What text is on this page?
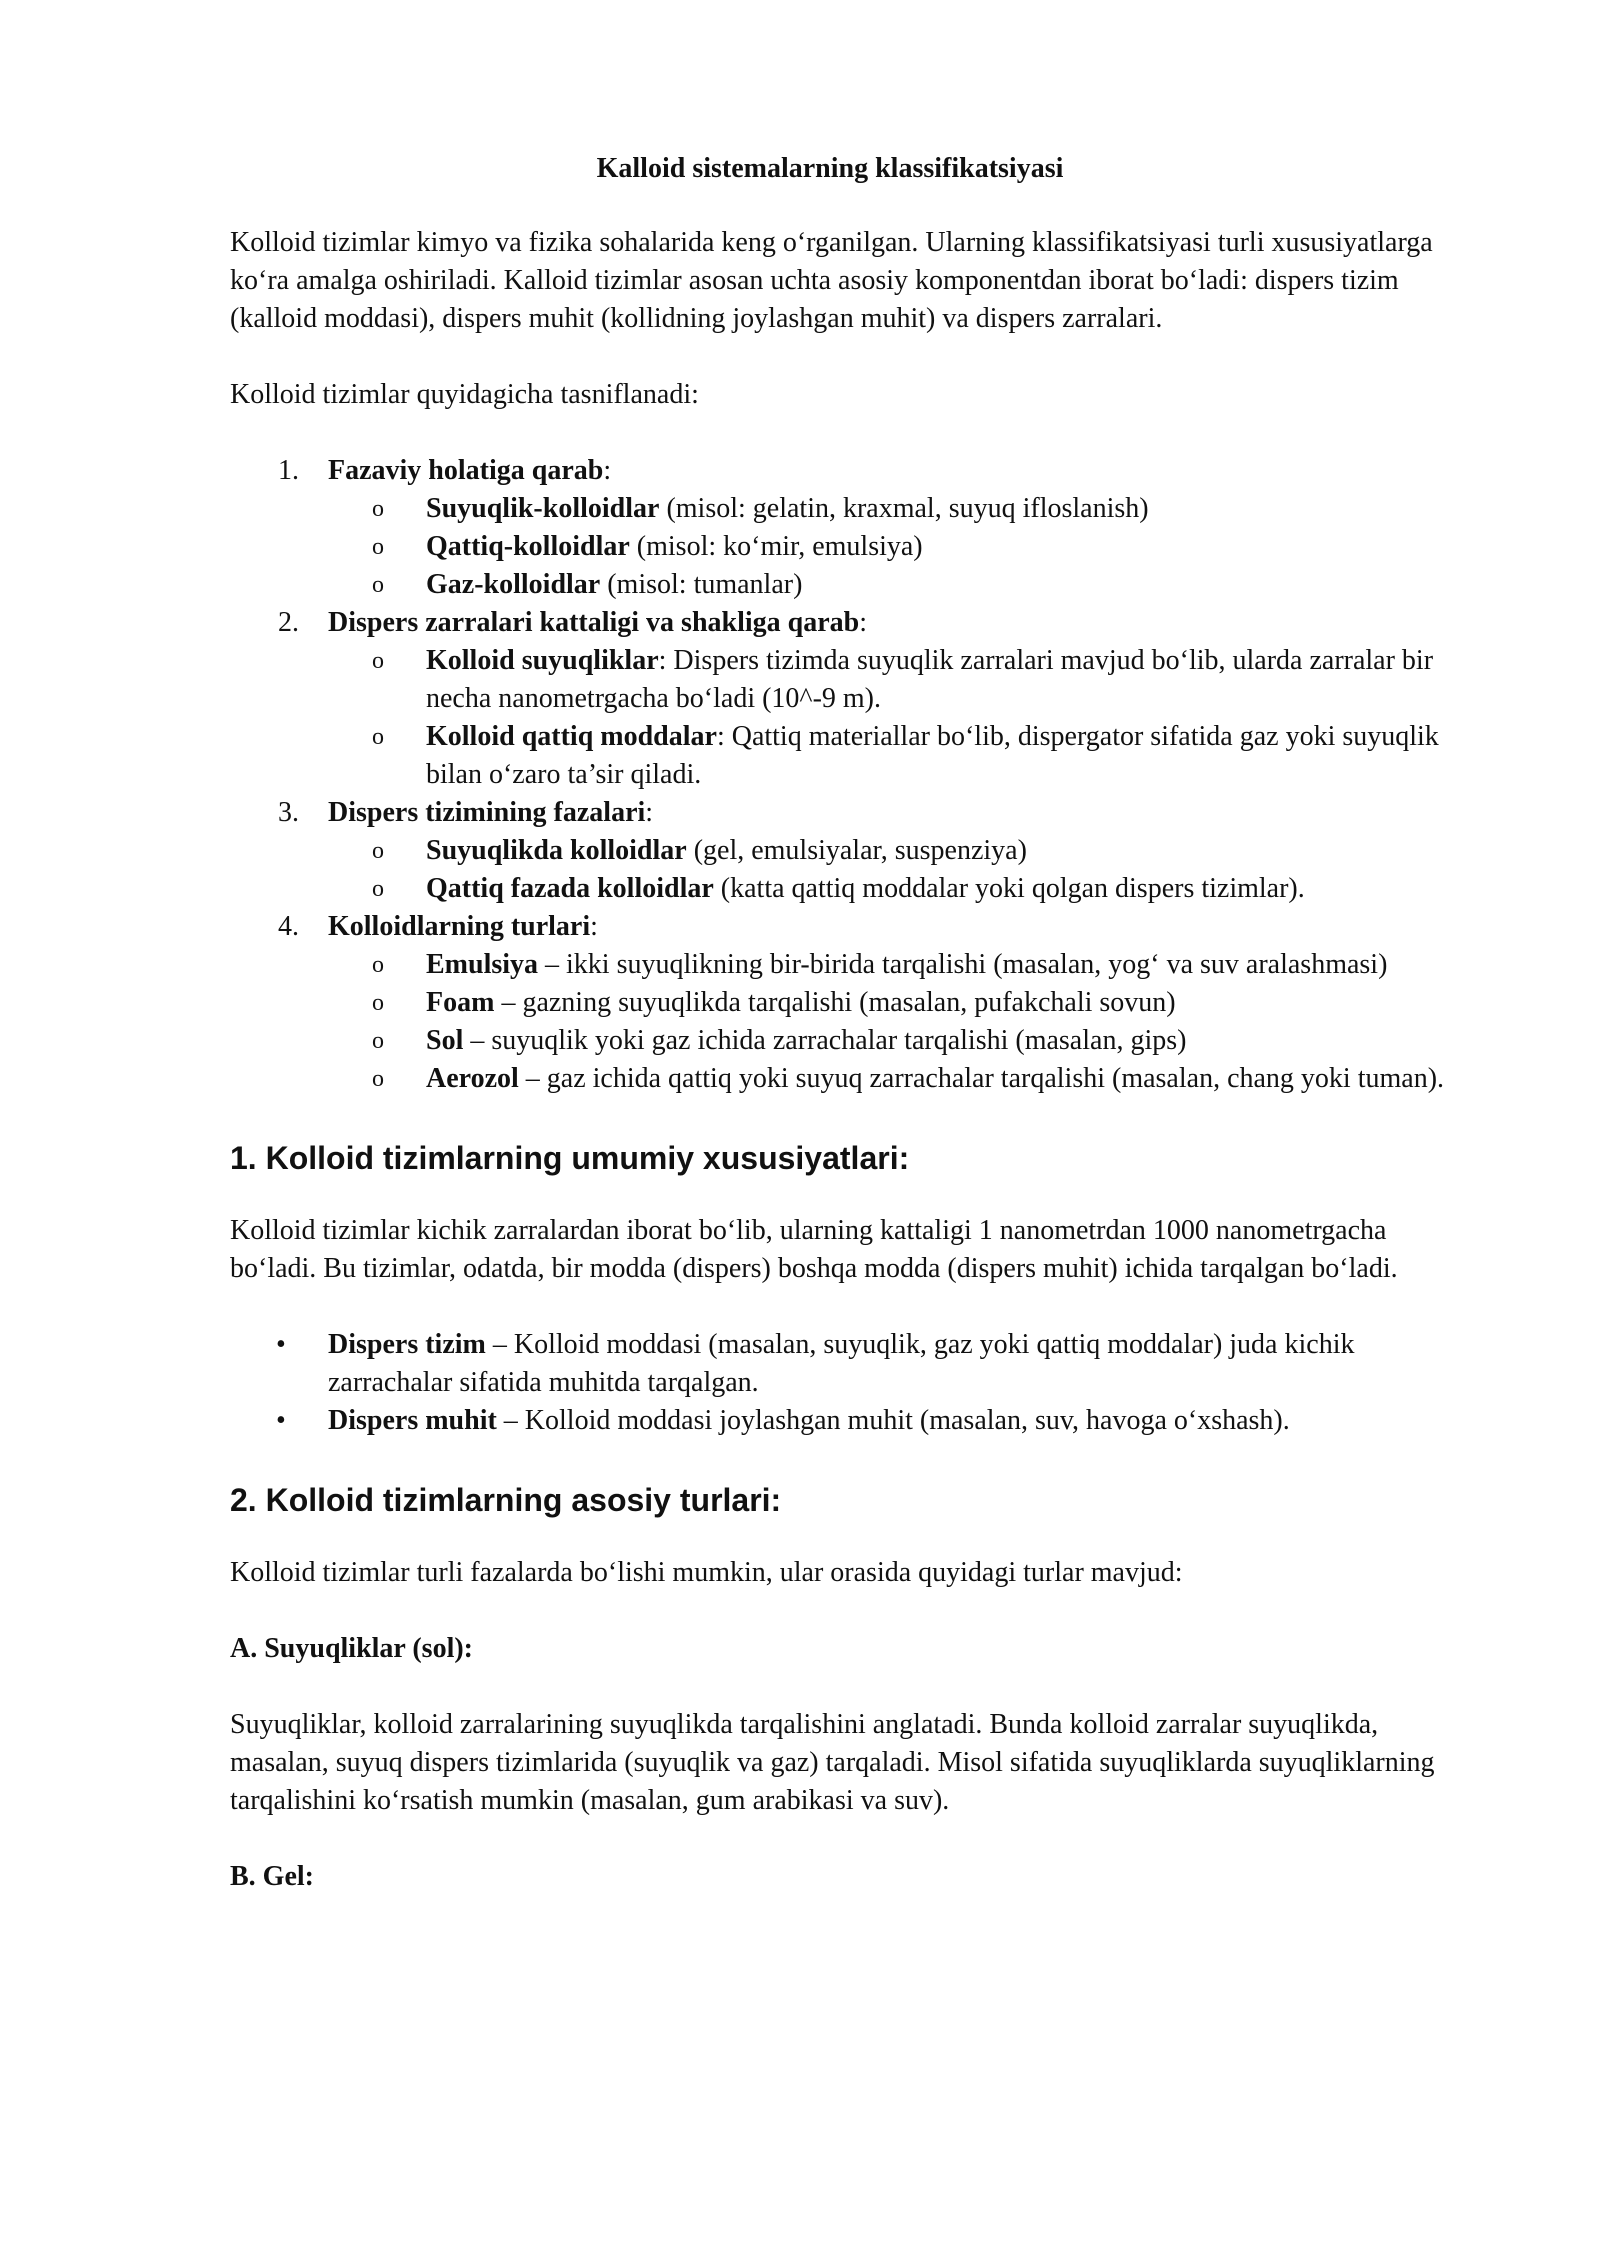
Kalloid sistemalarning klassifikatsiyasi

Kolloid tizimlar kimyo va fizika sohalarida keng o‘rganilgan. Ularning klassifikatsiyasi turli xususiyatlarga ko‘ra amalga oshiriladi. Kalloid tizimlar asosan uchta asosiy komponentdan iborat bo‘ladi: dispers tizim (kalloid moddasi), dispers muhit (kollidning joylashgan muhit) va dispers zarralari.

Kolloid tizimlar quyidagicha tasniflanadi:

1. Fazaviy holatiga qarab:
o	Suyuqlik-kolloidlar (misol: gelatin, kraxmal, suyuq ifloslanish)
o	Qattiq-kolloidlar (misol: ko‘mir, emulsiya)
o	Gaz-kolloidlar (misol: tumanlar)
2. Dispers zarralari kattaligi va shakliga qarab:
o	Kolloid suyuqliklar: Dispers tizimda suyuqlik zarralari mavjud bo‘lib, ularda zarralar bir necha nanometrgacha bo‘ladi (10^-9 m).
o	Kolloid qattiq moddalar: Qattiq materiallar bo‘lib, dispergator sifatida gaz yoki suyuqlik bilan o‘zaro ta’sir qiladi.
3. Dispers tizimining fazalari:
o	Suyuqlikda kolloidlar (gel, emulsiyalar, suspenziya)
o	Qattiq fazada kolloidlar (katta qattiq moddalar yoki qolgan dispers tizimlar).
4. Kolloidlarning turlari:
o	Emulsiya – ikki suyuqlikning bir-birida tarqalishi (masalan, yog‘ va suv aralashmasi)
o	Foam – gazning suyuqlikda tarqalishi (masalan, pufakchali sovun)
o	Sol – suyuqlik yoki gaz ichida zarrachalar tarqalishi (masalan, gips)
o	Aerozol – gaz ichida qattiq yoki suyuq zarrachalar tarqalishi (masalan, chang yoki tuman).

1. Kolloid tizimlarning umumiy xususiyatlari:

Kolloid tizimlar kichik zarralardan iborat bo‘lib, ularning kattaligi 1 nanometrdan 1000 nanometrgacha bo‘ladi. Bu tizimlar, odatda, bir modda (dispers) boshqa modda (dispers muhit) ichida tarqalgan bo‘ladi.

• Dispers tizim – Kolloid moddasi (masalan, suyuqlik, gaz yoki qattiq moddalar) juda kichik zarrachalar sifatida muhitda tarqalgan.
• Dispers muhit – Kolloid moddasi joylashgan muhit (masalan, suv, havoga o‘xshash).

2. Kolloid tizimlarning asosiy turlari:

Kolloid tizimlar turli fazalarda bo‘lishi mumkin, ular orasida quyidagi turlar mavjud:

A. Suyuqliklar (sol):

Suyuqliklar, kolloid zarralarining suyuqlikda tarqalishini anglatadi. Bunda kolloid zarralar suyuqlikda, masalan, suyuq dispers tizimlarida (suyuqlik va gaz) tarqaladi. Misol sifatida suyuqliklarda suyuqliklarning tarqalishini ko‘rsatish mumkin (masalan, gum arabikasi va suv).

B. Gel:
